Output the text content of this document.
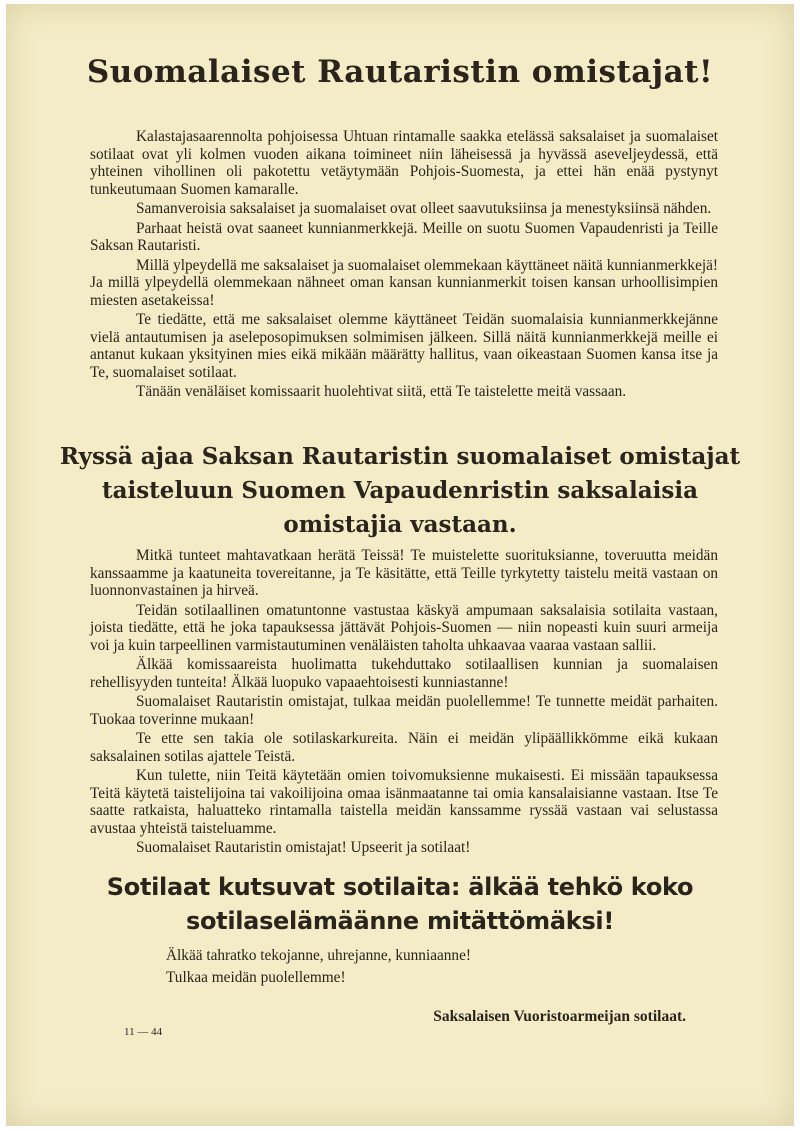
Suomalaiset Rautaristin omistajat!

Kalastajasaarennolta pohjoisessa Uhtuan rintamalle saakka etelässä saksalaiset ja suomalaiset sotilaat ovat yli kolmen vuoden aikana toimineet niin läheisessä ja hyvässä aseveljeydessä, että yhteinen vihollinen oli pakotettu vetäytymään Pohjois-Suomesta, ja ettei hän enää pystynyt tunkeutumaan Suomen kamaralle.

Samanveroisia saksalaiset ja suomalaiset ovat olleet saavutuksiinsa ja menestyksiinsä nähden.

Parhaat heistä ovat saaneet kunnianmerkkejä. Meille on suotu Suomen Vapaudenristi ja Teille Saksan Rautaristi.

Millä ylpeydellä me saksalaiset ja suomalaiset olemmekaan käyttäneet näitä kunnianmerkkejä! Ja millä ylpeydellä olemmekaan nähneet oman kansan kunnianmerkit toisen kansan urhoollisimpien miesten asetakeissa!

Te tiedätte, että me saksalaiset olemme käyttäneet Teidän suomalaisia kunnianmerkkejänne vielä antautumisen ja aseleposopimuksen solmimisen jälkeen. Sillä näitä kunnianmerkkejä meille ei antanut kukaan yksityinen mies eikä mikään määrätty hallitus, vaan oikeastaan Suomen kansa itse ja Te, suomalaiset sotilaat.

Tänään venäläiset komissaarit huolehtivat siitä, että Te taistelette meitä vassaan.

Ryssä ajaa Saksan Rautaristin suomalaiset omistajat taisteluun Suomen Vapaudenristin saksalaisia omistajia vastaan.

Mitkä tunteet mahtavatkaan herätä Teissä! Te muistelette suorituksianne, toveruutta meidän kanssaamme ja kaatuneita tovereitanne, ja Te käsitätte, että Teille tyrkytetty taistelu meitä vastaan on luonnonvastainen ja hirveä.

Teidän sotilaallinen omatuntonne vastustaa käskyä ampumaan saksalaisia sotilaita vastaan, joista tiedätte, että he joka tapauksessa jättävät Pohjois-Suomen — niin nopeasti kuin suuri armeija voi ja kuin tarpeellinen varmistautuminen venäläisten taholta uhkaavaa vaaraa vastaan sallii.

Älkää komissaareista huolimatta tukehduttako sotilaallisen kunnian ja suomalaisen rehellisyyden tunteita! Älkää luopuko vapaaehtoisesti kunniastanne!

Suomalaiset Rautaristin omistajat, tulkaa meidän puolellemme! Te tunnette meidät parhaiten. Tuokaa toverinne mukaan!

Te ette sen takia ole sotilaskarkureita. Näin ei meidän ylipäällikkömme eikä kukaan saksalainen sotilas ajattele Teistä.

Kun tulette, niin Teitä käytetään omien toivomuksienne mukaisesti. Ei missään tapauksessa Teitä käytetä taistelijoina tai vakoilijoina omaa isänmaatanne tai omia kansalaisianne vastaan. Itse Te saatte ratkaista, haluatteko rintamalla taistella meidän kanssamme ryssää vastaan vai selustassa avustaa yhteistä taisteluamme.

Suomalaiset Rautaristin omistajat! Upseerit ja sotilaat!

Sotilaat kutsuvat sotilaita: älkää tehkö koko sotilaselämäänne mitättömäksi!

Älkää tahratko tekojanne, uhrejanne, kunniaanne!

Tulkaa meidän puolellemme!

11 — 44
Saksalaisen Vuoristoarmeijan sotilaat.
